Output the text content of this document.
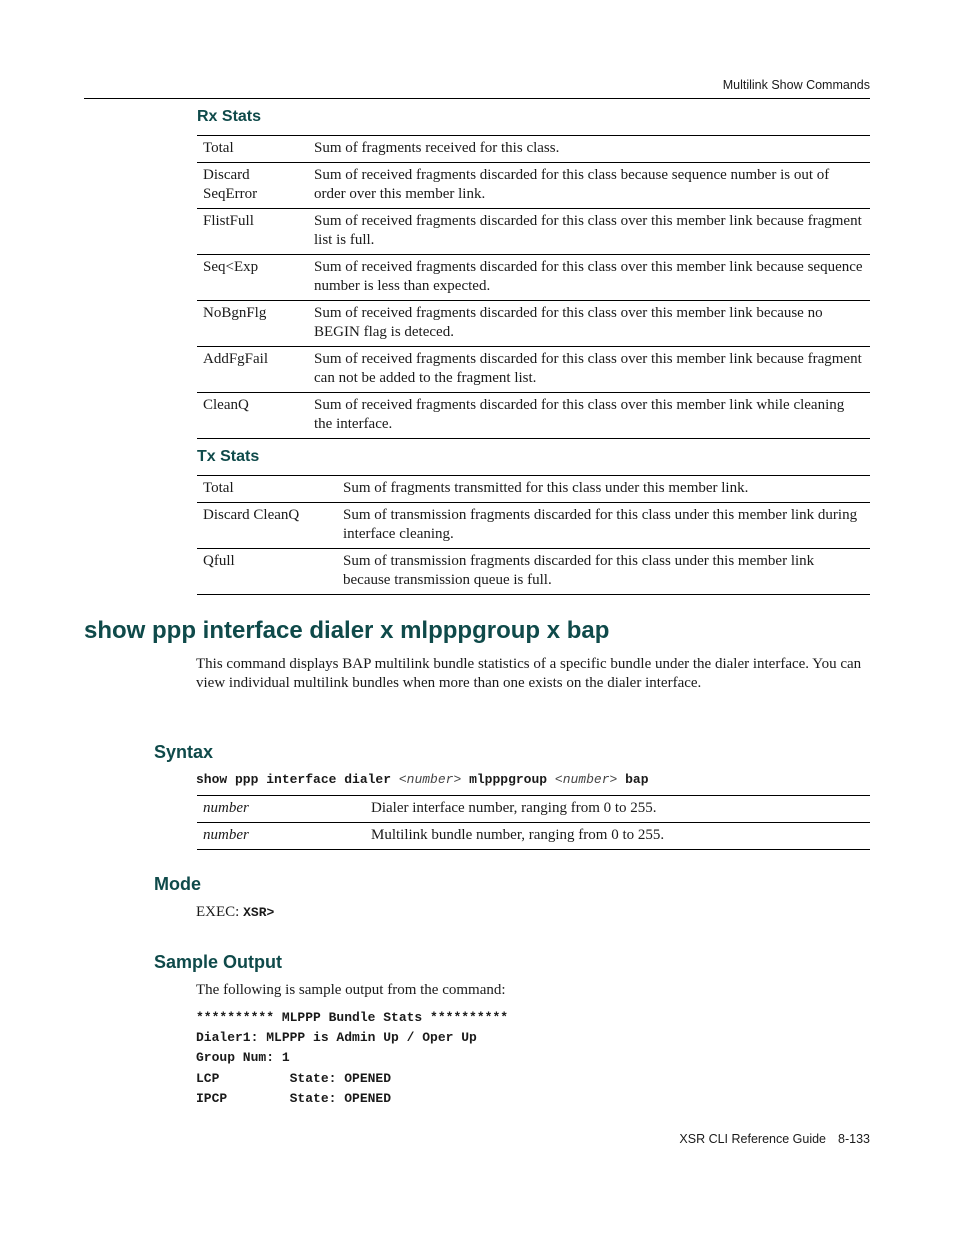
Multilink Show Commands
Rx Stats
Total	Sum of fragments received for this class.
Discard SeqError	Sum of received fragments discarded for this class because sequence number is out of order over this member link.
FlistFull	Sum of received fragments discarded for this class over this member link because fragment list is full.
Seq<Exp	Sum of received fragments discarded for this class over this member link because sequence number is less than expected.
NoBgnFlg	Sum of received fragments discarded for this class over this member link because no BEGIN flag is deteced.
AddFgFail	Sum of received fragments discarded for this class over this member link because fragment can not be added to the fragment list.
CleanQ	Sum of received fragments discarded for this class over this member link while cleaning the interface.
Tx Stats
Total	Sum of fragments transmitted for this class under this member link.
Discard CleanQ	Sum of transmission fragments discarded for this class under this member link during interface cleaning.
Qfull	Sum of transmission fragments discarded for this class under this member link because transmission queue is full.
show ppp interface dialer x mlpppgroup x bap
This command displays BAP multilink bundle statistics of a specific bundle under the dialer interface. You can view individual multilink bundles when more than one exists on the dialer interface.
Syntax
show ppp interface dialer <number> mlpppgroup <number> bap
number	Dialer interface number, ranging from 0 to 255.
number	Multilink bundle number, ranging from 0 to 255.
Mode
EXEC: XSR>
Sample Output
The following is sample output from the command:
********** MLPPP Bundle Stats **********
Dialer1: MLPPP is Admin Up / Oper Up
Group Num: 1
LCP         State: OPENED
IPCP        State: OPENED
XSR CLI Reference Guide 8-133
